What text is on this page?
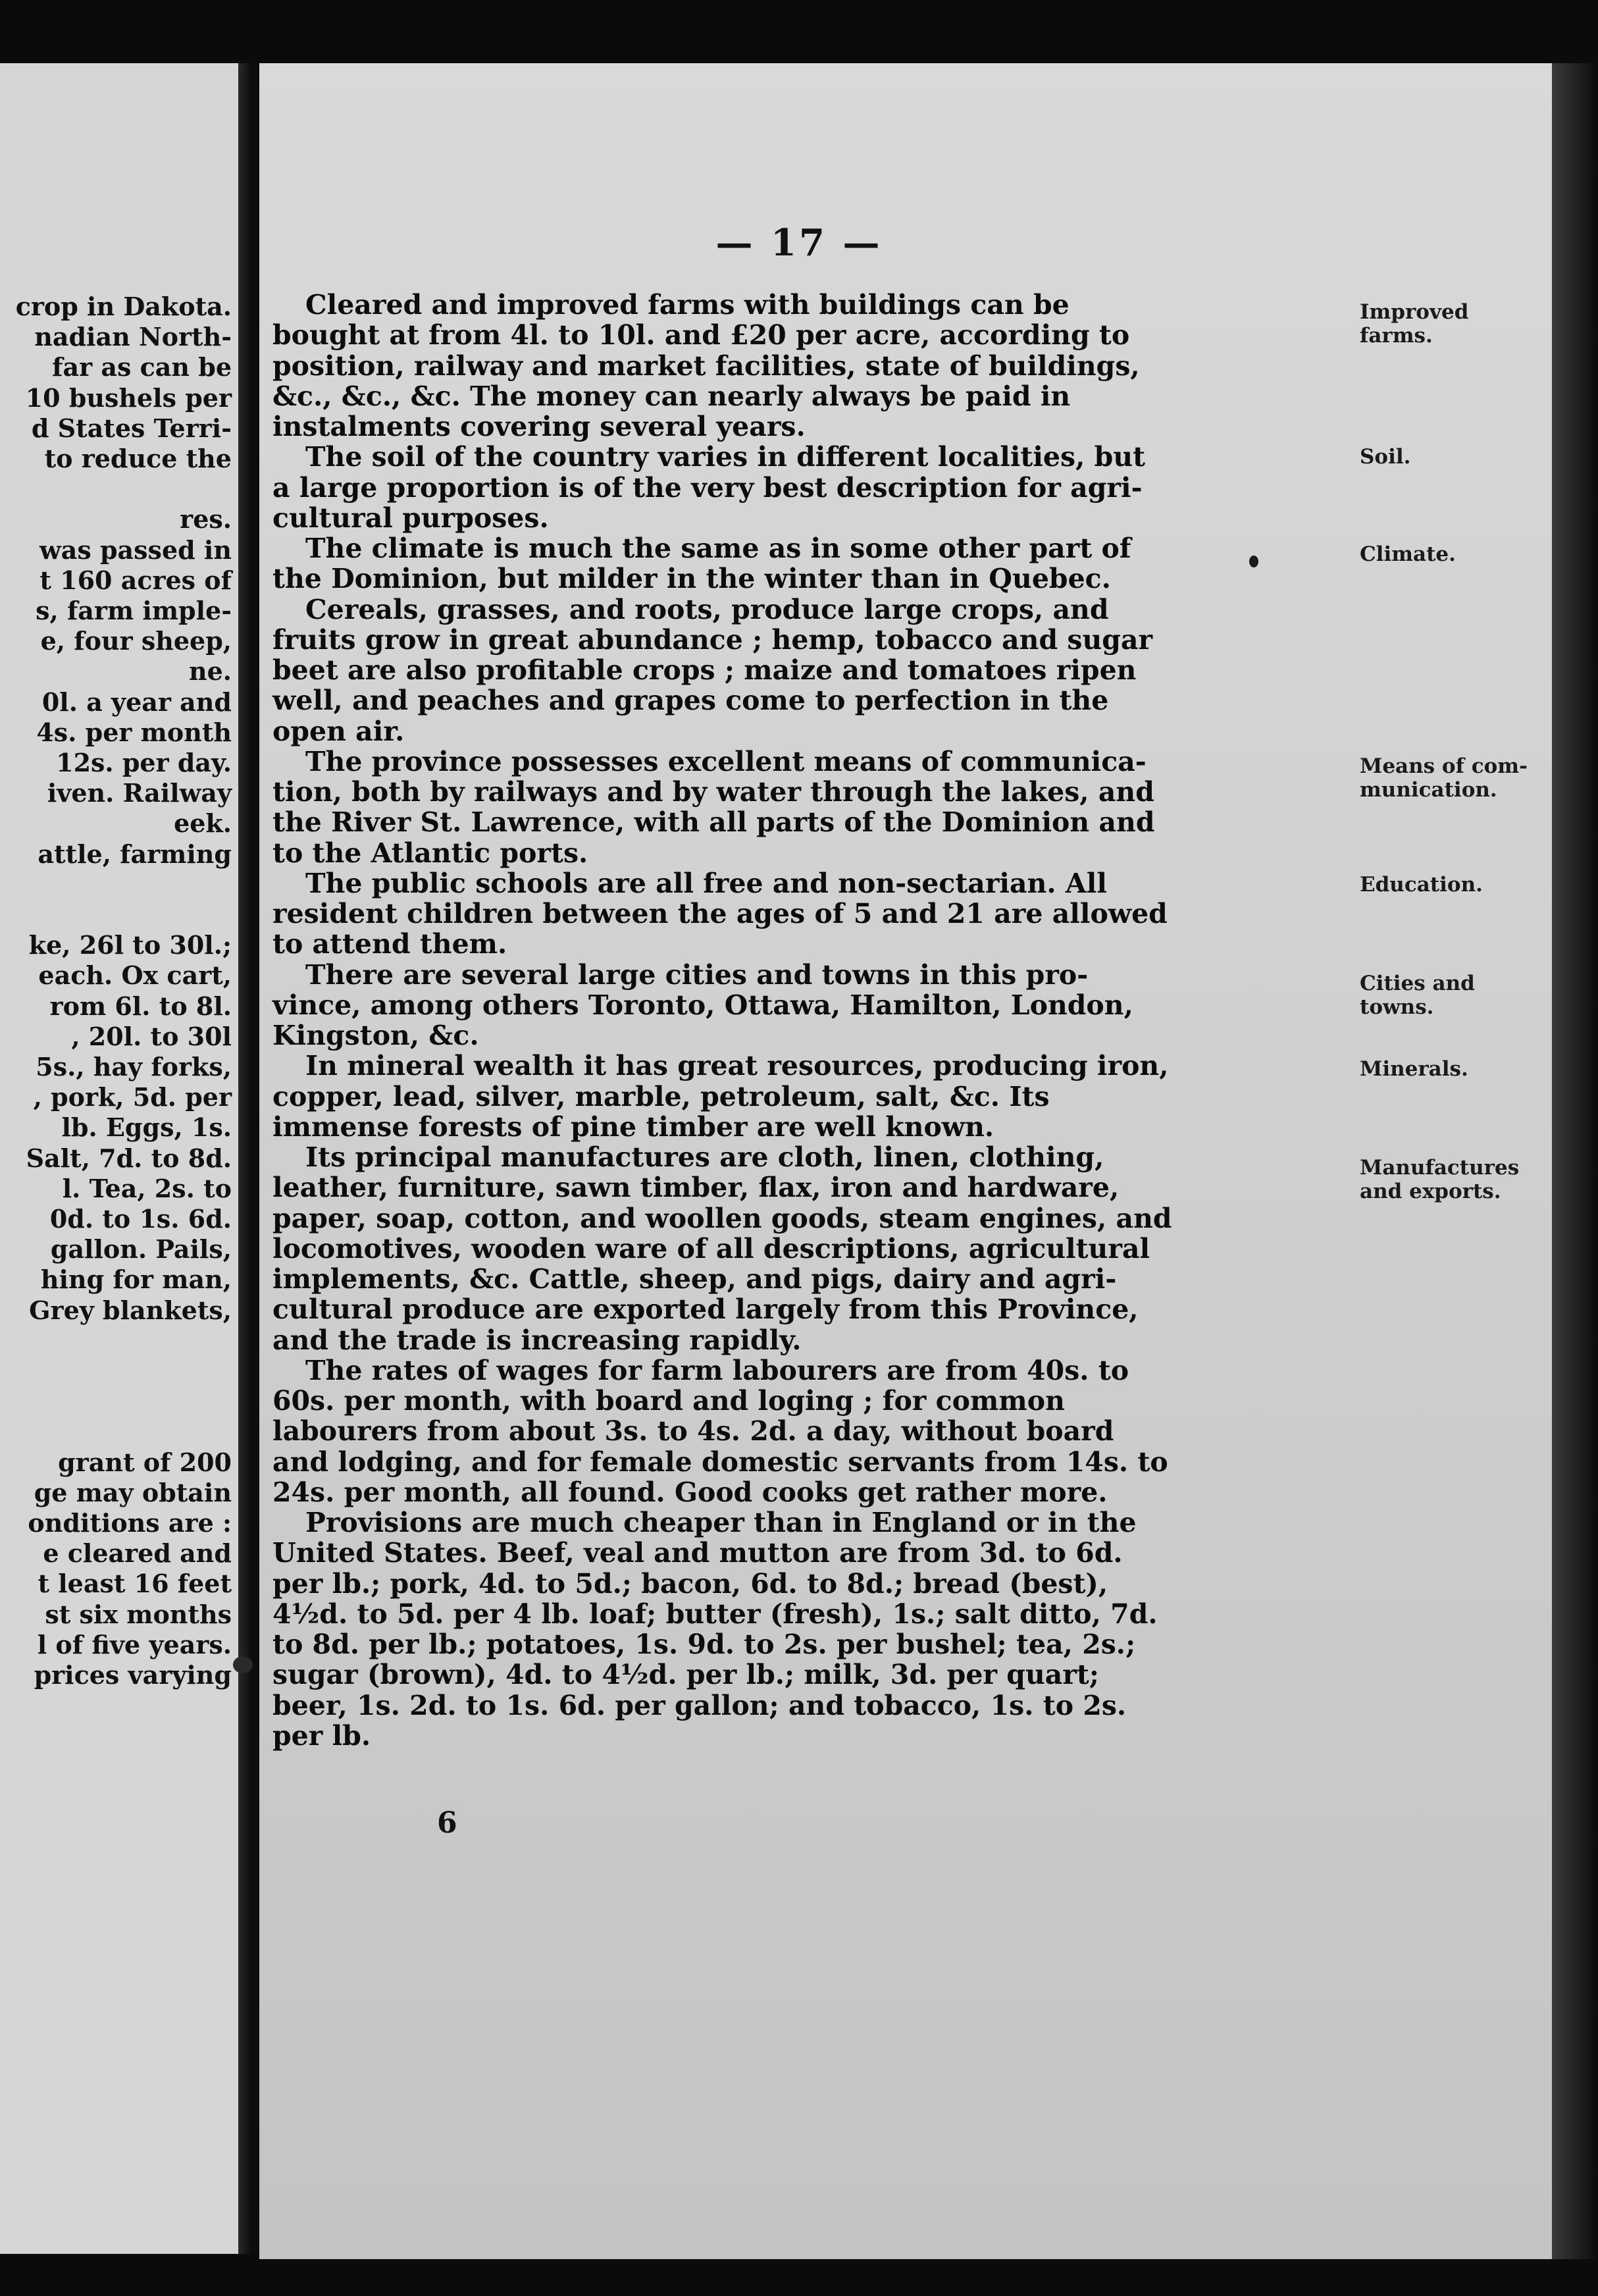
crop in Dakota.
nadian North-
far as can be
10 bushels per
d States Terri-
to reduce the
res.
was passed in
t 160 acres of
s, farm imple-
e, four sheep,
ne.
0l. a year and
4s. per month
12s. per day.
iven. Railway
eek.
attle, farming
ke, 26l to 30l.;
each. Ox cart,
rom 6l. to 8l.
, 20l. to 30l
5s., hay forks,
, pork, 5d. per
lb. Eggs, 1s.
Salt, 7d. to 8d.
l. Tea, 2s. to
0d. to 1s. 6d.
gallon. Pails,
hing for man,
Grey blankets,
grant of 200
ge may obtain
onditions are :
e cleared and
t least 16 feet
st six months
l of five years.
prices varying
— 17 —
Cleared and improved farms with buildings can be
bought at from 4l. to 10l. and £20 per acre, according to
position, railway and market facilities, state of buildings,
&c., &c., &c. The money can nearly always be paid in
instalments covering several years.
The soil of the country varies in different localities, but
a large proportion is of the very best description for agri-
cultural purposes.
The climate is much the same as in some other part of
the Dominion, but milder in the winter than in Quebec.
Cereals, grasses, and roots, produce large crops, and
fruits grow in great abundance ; hemp, tobacco and sugar
beet are also profitable crops ; maize and tomatoes ripen
well, and peaches and grapes come to perfection in the
open air.
The province possesses excellent means of communica-
tion, both by railways and by water through the lakes, and
the River St. Lawrence, with all parts of the Dominion and
to the Atlantic ports.
The public schools are all free and non-sectarian. All
resident children between the ages of 5 and 21 are allowed
to attend them.
There are several large cities and towns in this pro-
vince, among others Toronto, Ottawa, Hamilton, London,
Kingston, &c.
In mineral wealth it has great resources, producing iron,
copper, lead, silver, marble, petroleum, salt, &c. Its
immense forests of pine timber are well known.
Its principal manufactures are cloth, linen, clothing,
leather, furniture, sawn timber, flax, iron and hardware,
paper, soap, cotton, and woollen goods, steam engines, and
locomotives, wooden ware of all descriptions, agricultural
implements, &c. Cattle, sheep, and pigs, dairy and agri-
cultural produce are exported largely from this Province,
and the trade is increasing rapidly.
The rates of wages for farm labourers are from 40s. to
60s. per month, with board and loging ; for common
labourers from about 3s. to 4s. 2d. a day, without board
and lodging, and for female domestic servants from 14s. to
24s. per month, all found. Good cooks get rather more.
Provisions are much cheaper than in England or in the
United States. Beef, veal and mutton are from 3d. to 6d.
per lb.; pork, 4d. to 5d.; bacon, 6d. to 8d.; bread (best),
4½d. to 5d. per 4 lb. loaf; butter (fresh), 1s.; salt ditto, 7d.
to 8d. per lb.; potatoes, 1s. 9d. to 2s. per bushel; tea, 2s.;
sugar (brown), 4d. to 4½d. per lb.; milk, 3d. per quart;
beer, 1s. 2d. to 1s. 6d. per gallon; and tobacco, 1s. to 2s.
per lb.
Improved
farms.
Soil.
Climate.
Means of com-
munication.
Education.
Cities and
towns.
Minerals.
Manufactures
and exports.
6
